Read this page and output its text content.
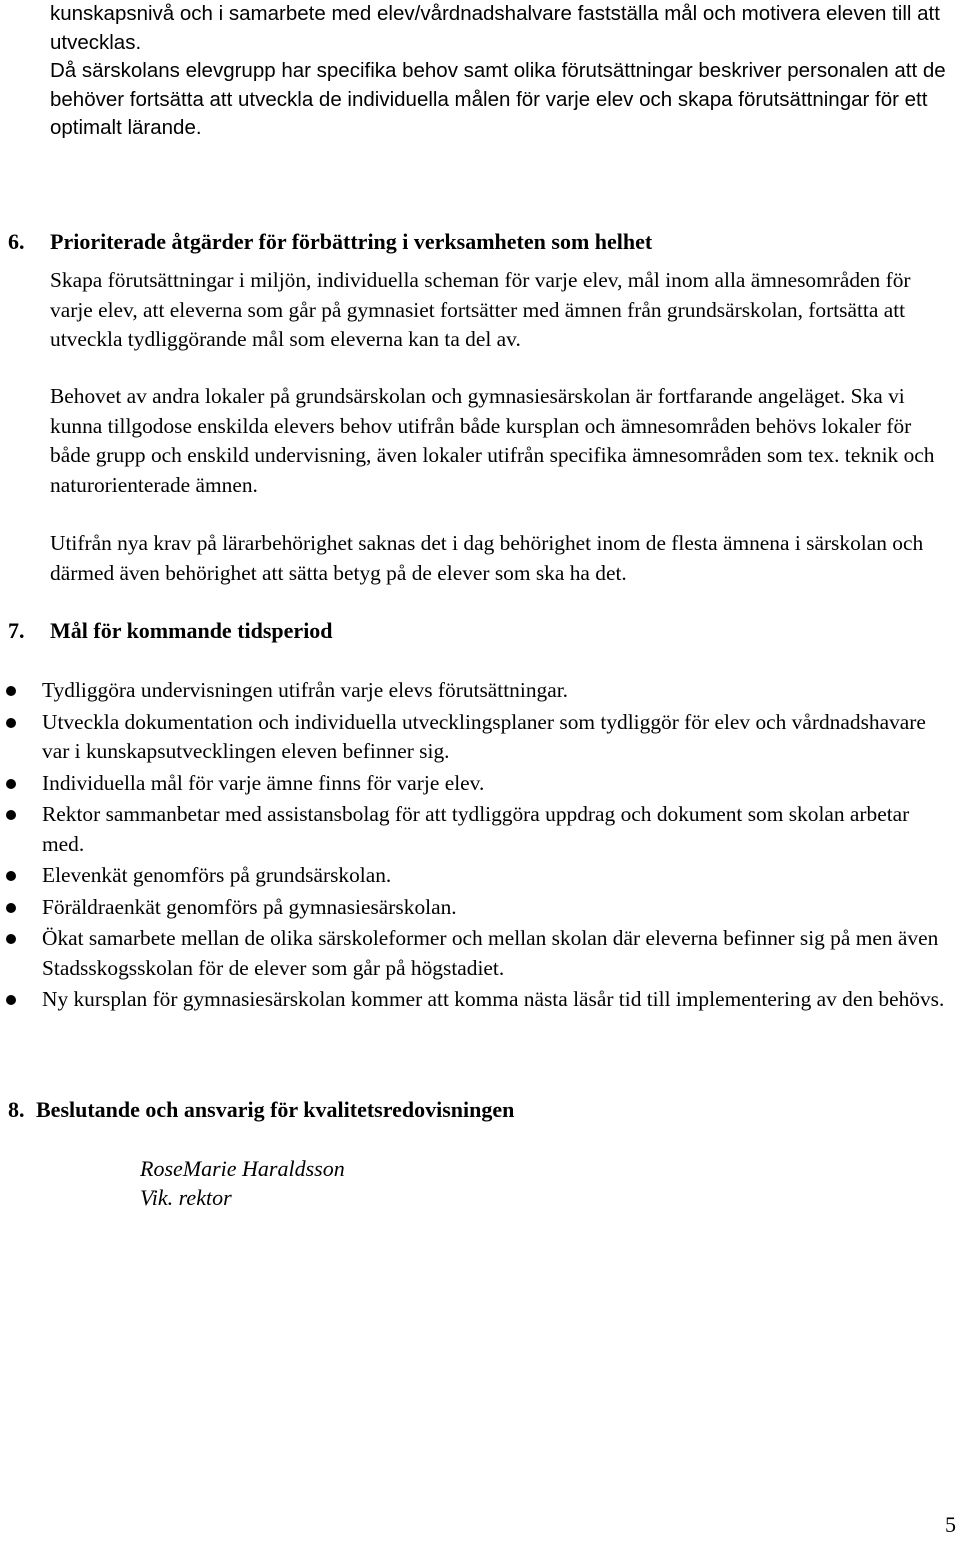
kunskapsnivå och i samarbete med elev/vårdnadshalvare fastställa mål och motivera eleven till att utvecklas.

Då särskolans elevgrupp har specifika behov samt olika förutsättningar beskriver personalen att de behöver fortsätta att utveckla de individuella målen för varje elev och skapa förutsättningar för ett optimalt lärande.

6. Prioriterade åtgärder för förbättring i verksamheten som helhet

Skapa förutsättningar i miljön, individuella scheman för varje elev, mål inom alla ämnesområden för varje elev, att eleverna som går på gymnasiet fortsätter med ämnen från grundsärskolan, fortsätta att utveckla tydliggörande mål som eleverna kan ta del av.

Behovet av andra lokaler på grundsärskolan och gymnasiesärskolan är fortfarande angeläget. Ska vi kunna tillgodose enskilda elevers behov utifrån både kursplan och ämnesområden behövs lokaler för både grupp och enskild undervisning, även lokaler utifrån specifika ämnesområden som tex. teknik och naturorienterade ämnen.

Utifrån nya krav på lärarbehörighet saknas det i dag behörighet inom de flesta ämnena i särskolan och därmed även behörighet att sätta betyg på de elever som ska ha det.

7. Mål för kommande tidsperiod
Tydliggöra undervisningen utifrån varje elevs förutsättningar.
Utveckla dokumentation och individuella utvecklingsplaner som tydliggör för elev och vårdnadshavare var i kunskapsutvecklingen eleven befinner sig.
Individuella mål för varje ämne finns för varje elev.
Rektor sammanbetar med assistansbolag för att tydliggöra uppdrag och dokument som skolan arbetar med.
Elevenkät genomförs på grundsärskolan.
Föräldraenkät genomförs på gymnasiesärskolan.
Ökat samarbete mellan de olika särskoleformer och mellan skolan där eleverna befinner sig på men även Stadsskogsskolan för de elever som går på högstadiet.
Ny kursplan för gymnasiesärskolan kommer att komma nästa läsår tid till implementering av den behövs.
8. Beslutande och ansvarig för kvalitetsredovisningen
RoseMarie Haraldsson
Vik. rektor
5
